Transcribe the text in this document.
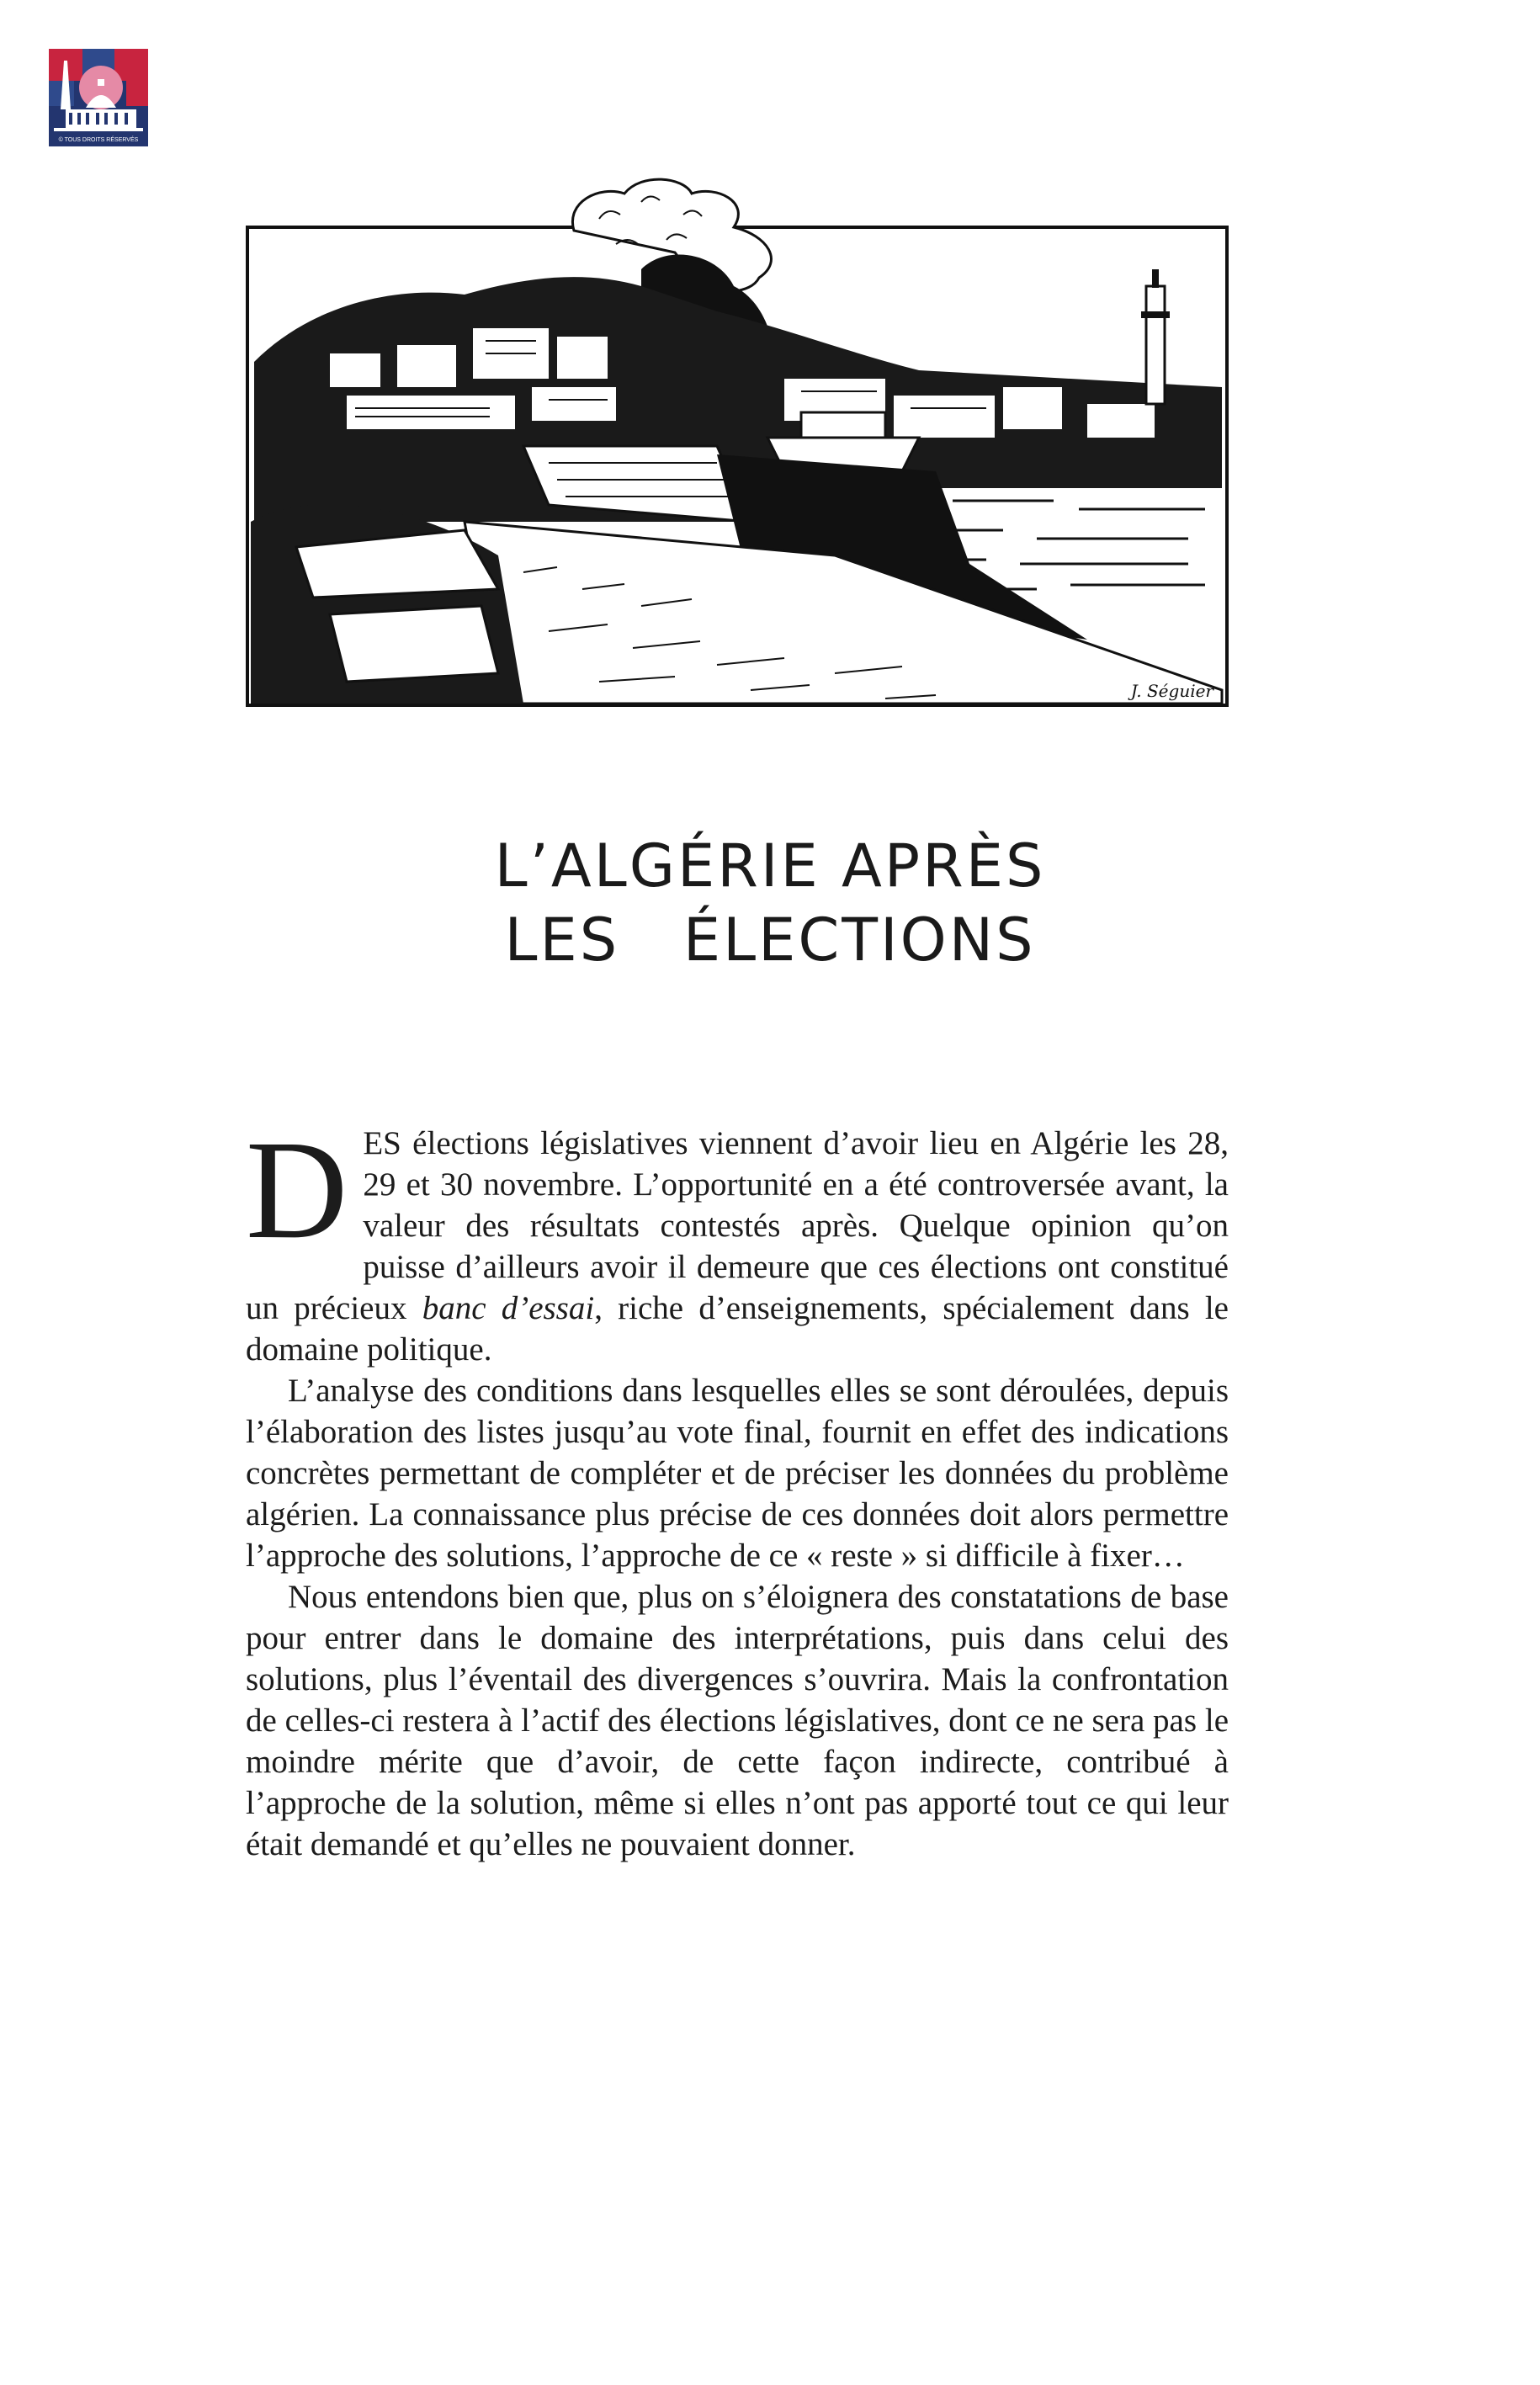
© TOUS DROITS RÉSERVÉS
J. Séguier
L’ALGÉRIE APRÈS
LES   ÉLECTIONS

DES élections législatives viennent d’avoir lieu en Algérie les 28, 29 et 30 novembre. L’opportunité en a été controversée avant, la valeur des résultats contestés après. Quelque opinion qu’on puisse d’ailleurs avoir il demeure que ces élections ont constitué un précieux banc d’essai, riche d’enseignements, spécialement dans le domaine politique.

L’analyse des conditions dans lesquelles elles se sont déroulées, depuis l’élaboration des listes jusqu’au vote final, fournit en effet des indications concrètes permettant de compléter et de préciser les données du problème algérien. La connaissance plus précise de ces données doit alors permettre l’approche des solutions, l’approche de ce « reste » si difficile à fixer…

Nous entendons bien que, plus on s’éloignera des constatations de base pour entrer dans le domaine des interprétations, puis dans celui des solutions, plus l’éventail des divergences s’ouvrira. Mais la confrontation de celles-ci restera à l’actif des élections législatives, dont ce ne sera pas le moindre mérite que d’avoir, de cette façon indirecte, contribué à l’approche de la solution, même si elles n’ont pas apporté tout ce qui leur était demandé et qu’elles ne pouvaient donner.
